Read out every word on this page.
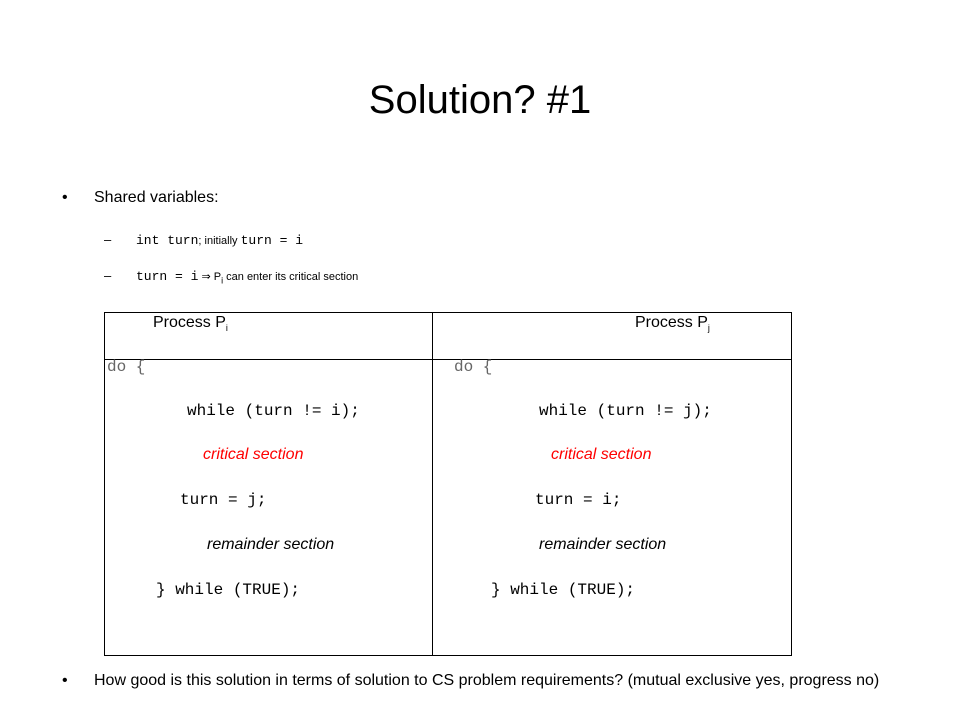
Solution? #1
• Shared variables:
– int turn; initially turn = i
– turn = i ⇒ $P_i$ can enter its critical section
Process $P_i$	Process $P_j$
do {
while (turn != i);
critical section
turn = j;
remainder section
} while (TRUE);
do {
while (turn != j);
critical section
turn = i;
remainder section
} while (TRUE);
• How good is this solution in terms of solution to CS problem requirements? (mutual exclusive yes, progress no)
